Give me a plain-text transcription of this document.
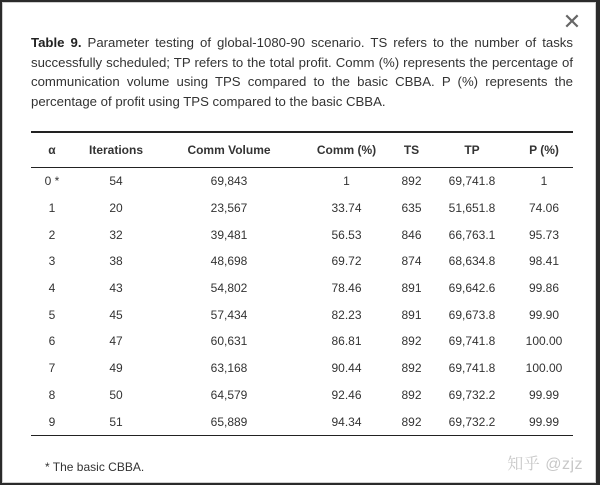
✕
Table 9. Parameter testing of global-1080-90 scenario. TS refers to the number of tasks successfully scheduled; TP refers to the total profit. Comm (%) represents the percentage of communication volume using TPS compared to the basic CBBA. P (%) represents the percentage of profit using TPS compared to the basic CBBA.
α	Iterations	Comm Volume	Comm (%)	TS	TP	P (%)
0 *	54	69,843	1	892	69,741.8	1
1	20	23,567	33.74	635	51,651.8	74.06
2	32	39,481	56.53	846	66,763.1	95.73
3	38	48,698	69.72	874	68,634.8	98.41
4	43	54,802	78.46	891	69,642.6	99.86
5	45	57,434	82.23	891	69,673.8	99.90
6	47	60,631	86.81	892	69,741.8	100.00
7	49	63,168	90.44	892	69,741.8	100.00
8	50	64,579	92.46	892	69,732.2	99.99
9	51	65,889	94.34	892	69,732.2	99.99
* The basic CBBA.	知乎 @zjz
